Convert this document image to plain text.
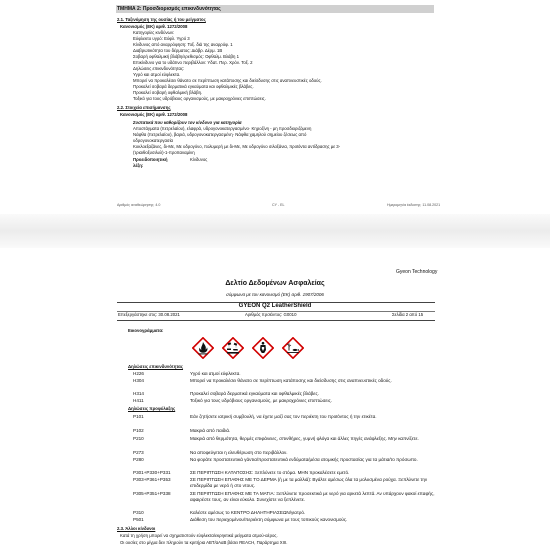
ΤΜΗΜΑ 2: Προσδιορισμός επικινδυνότητας
2.1. Ταξινόμηση της ουσίας ή του μείγματος
Κανονισμός (ΕΚ) αριθ. 1272/2008
Κατηγορίες κινδύνων:
Εύφλεκτο υγρό: Εύφλ. Υγρό 3
Κίνδυνος από αναρρόφηση: Τοξ. διά της αναρρόφ. 1
Διαβρωτικότητα του δέρματος: Διάβρ. Δέρμ. 1Β
Σοβαρή οφθαλμική βλάβη/ερεθισμός: Οφθαλμ. Βλάβη 1
Επικίνδυνο για το υδάτινο περιβάλλον: Υδατ. Περ. Χρόν. Τοξ. 2
Δηλώσεις επικινδυνότητας:
Υγρό και ατμοί εύφλεκτα.
Μπορεί να προκαλέσει θάνατο σε περίπτωση κατάποσης και διείσδυσης στις αναπνευστικές οδούς.
Προκαλεί σοβαρά δερματικά εγκαύματα και οφθαλμικές βλάβες.
Προκαλεί σοβαρή οφθαλμική βλάβη.
Τοξικό για τους υδρόβιους οργανισμούς, με μακροχρόνιες επιπτώσεις.
2.2. Στοιχεία επισήμανσης
Κανονισμός (ΕΚ) αριθ. 1272/2008
Συστατικά που καθορίζουν τον κίνδυνο για κατηγορία
Αποστάγματα (πετρελαίου), ελαφρά, υδρογονοκατεργασμένο· Κηροζίνη - μη προσδιοριζόμενη
Νάφθα (πετρελαίου), βαριά, υδρογονοκατεργασμένη· Νάφθα χαμηλού σημείου ζέσεως από
υδρογονοκατεργασία
Κυκλοεξαζάνες, δι-Με, Με υδρογόνο, πολυμερή με δι-Με, Με υδρογόνο σιλοξάνια, προϊόντα αντίδρασης με 3-
(τριαιθοξυσιλυλ)-1-προπαναμίνη
Προειδοποιητική λέξη:
Κίνδυνος
Αριθμός αναθεώρησης: 4.0	CY - EL	Ημερομηνία έκδοσης: 11.08.2021
Gyeon Technology
Δελτίο Δεδομένων Ασφαλείας
σύμφωνα με τον κανονισμό (ΕΚ) αριθ. 1907/2006
GYEON Q2 LeatherShield
Επεξεργάστηκε στις: 30.08.2021	Αριθμός προϊόντος: G0010	Σελίδα 2 από 15
Εικονογράμματα:
Δηλώσεις επικινδυνότητας
H226	Υγρό και ατμοί εύφλεκτα.
H304	Μπορεί να προκαλέσει θάνατο σε περίπτωση κατάποσης και διείσδυσης στις αναπνευστικές οδούς.
H314	Προκαλεί σοβαρά δερματικά εγκαύματα και οφθαλμικές βλάβες.
H411	Τοξικό για τους υδρόβιους οργανισμούς, με μακροχρόνιες επιπτώσεις.
Δηλώσεις προφύλαξης
P101	Εάν ζητήσετε ιατρική συμβουλή, να έχετε μαζί σας τον περιέκτη του προϊόντος ή την ετικέτα.
P102	Μακριά από παιδιά.
P210	Μακριά από θερμότητα, θερμές επιφάνειες, σπινθήρες, γυμνή φλόγα και άλλες πηγές ανάφλεξης. Μην καπνίζετε.
P273	Να αποφεύγεται η ελευθέρωση στο περιβάλλον.
P280	Να φοράτε προστατευτικά γάντια/προστατευτικά ενδύματα/μέσα ατομικής προστασίας για τα μάτια/το πρόσωπο.
P301+P330+P331	ΣΕ ΠΕΡΙΠΤΩΣΗ ΚΑΤΑΠΟΣΗΣ: Ξεπλύνετε το στόμα. ΜΗΝ προκαλέσετε εμετό.
P303+P361+P353	ΣΕ ΠΕΡΙΠΤΩΣΗ ΕΠΑΦΗΣ ΜΕ ΤΟ ΔΕΡΜΑ (ή με τα μαλλιά): Βγάλτε αμέσως όλα τα μολυσμένα ρούχα. Ξεπλύνετε την επιδερμίδα με νερό ή στο ντους.
P305+P351+P338	ΣΕ ΠΕΡΙΠΤΩΣΗ ΕΠΑΦΗΣ ΜΕ ΤΑ ΜΑΤΙΑ: Ξεπλύνετε προσεκτικά με νερό για αρκετά λεπτά. Αν υπάρχουν φακοί επαφής, αφαιρέστε τους, αν είναι εύκολο. Συνεχίστε να ξεπλένετε.
P310	Καλέστε αμέσως το ΚΕΝΤΡΟ ΔΗΛΗΤΗΡΙΑΣΕΩΝ/γιατρό.
P501	Διάθεση του περιεχομένου/περιέκτη σύμφωνα με τους τοπικούς κανονισμούς.
2.3. Άλλοι κίνδυνοι
Κατά τη χρήση μπορεί να σχηματιστούν εύφλεκτα/εκρηκτικά μείγματα ατμού-αέρος.
Οι ουσίες στο μίγμα δεν πληρούν τα κριτήρια ΑΒΤ/αΑαΒ βάσει REACH, Παράρτημα XIII.
